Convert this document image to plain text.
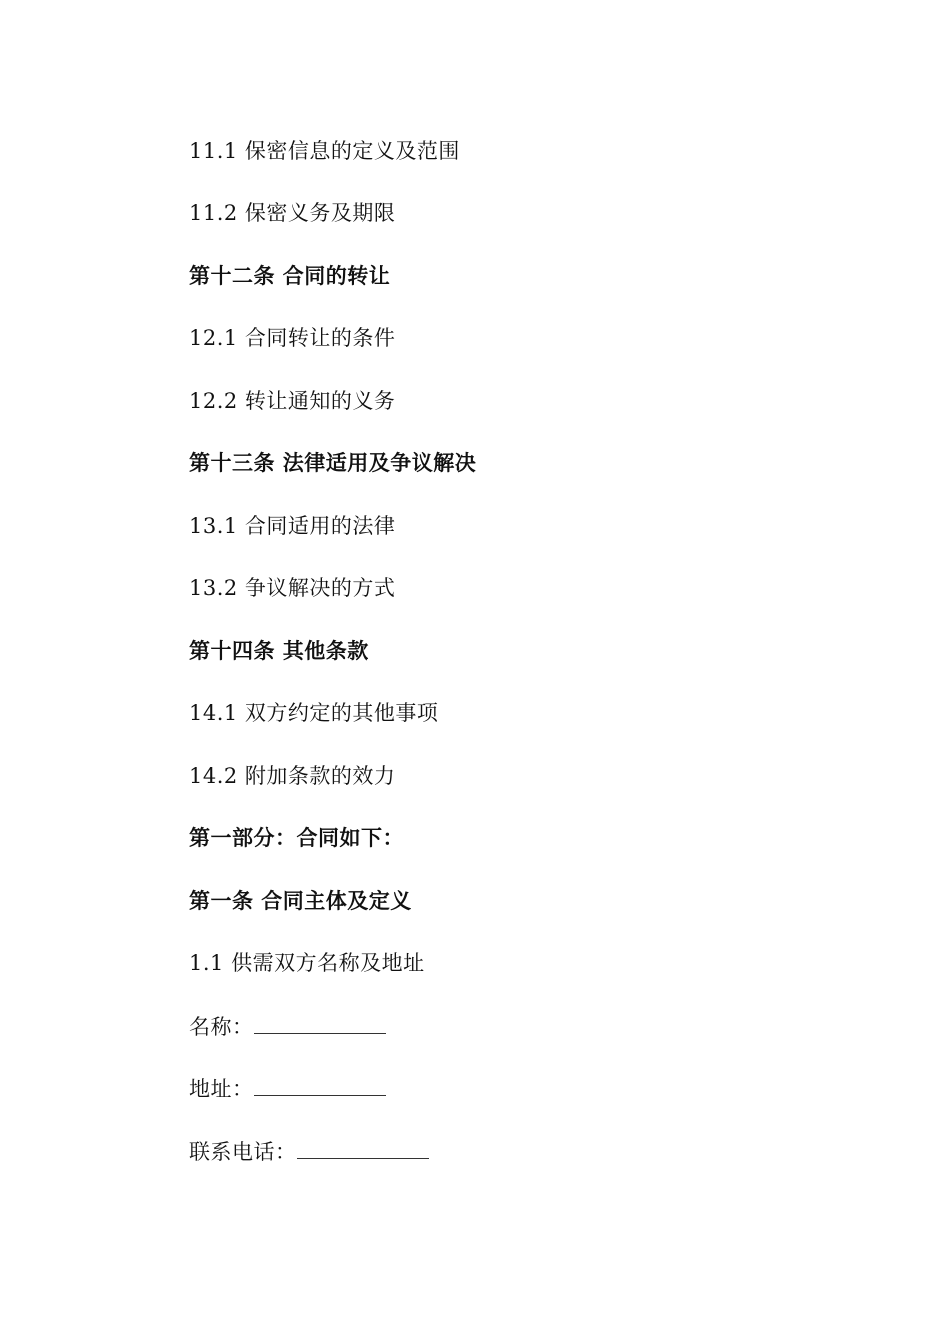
11.1 保密信息的定义及范围
11.2 保密义务及期限
第十二条 合同的转让
12.1 合同转让的条件
12.2 转让通知的义务
第十三条 法律适用及争议解决
13.1 合同适用的法律
13.2 争议解决的方式
第十四条 其他条款
14.1 双方约定的其他事项
14.2 附加条款的效力
第一部分：合同如下：
第一条 合同主体及定义
1.1 供需双方名称及地址
名称：
地址：
联系电话：
